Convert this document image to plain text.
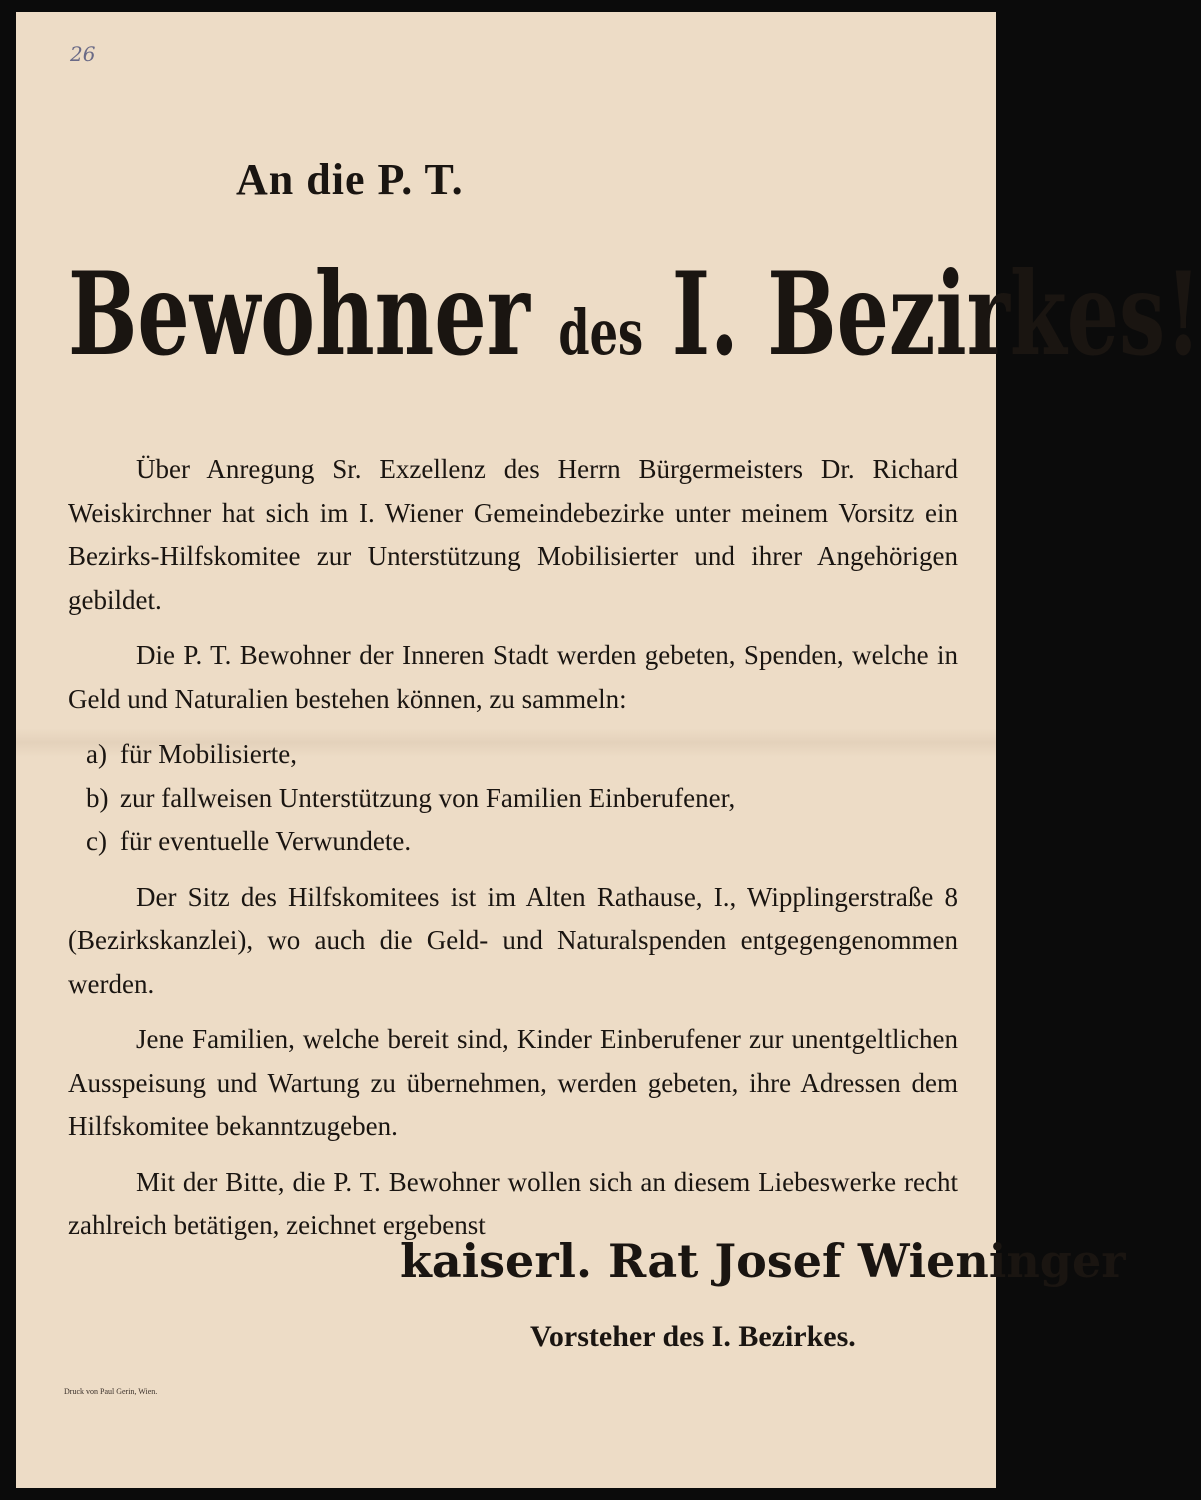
26
An die P. T.
Bewohner des I. Bezirkes!

Über Anregung Sr. Exzellenz des Herrn Bürgermeisters Dr. Richard Weiskirchner hat sich im I. Wiener Gemeindebezirke unter meinem Vorsitz ein Bezirks-Hilfskomitee zur Unterstützung Mobilisierter und ihrer Angehörigen gebildet.

Die P. T. Bewohner der Inneren Stadt werden gebeten, Spenden, welche in Geld und Naturalien bestehen können, zu sammeln:

a) für Mobilisierte,
b) zur fallweisen Unterstützung von Familien Einberufener,
c) für eventuelle Verwundete.

Der Sitz des Hilfskomitees ist im Alten Rathause, I., Wipplingerstraße 8 (Bezirkskanzlei), wo auch die Geld- und Naturalspenden entgegengenommen werden.

Jene Familien, welche bereit sind, Kinder Einberufener zur unentgeltlichen Ausspeisung und Wartung zu übernehmen, werden gebeten, ihre Adressen dem Hilfskomitee bekanntzugeben.

Mit der Bitte, die P. T. Bewohner wollen sich an diesem Liebeswerke recht zahlreich betätigen, zeichnet ergebenst

kaiserl. Rat Josef Wieninger
Vorsteher des I. Bezirkes.
Druck von Paul Gerin, Wien.
